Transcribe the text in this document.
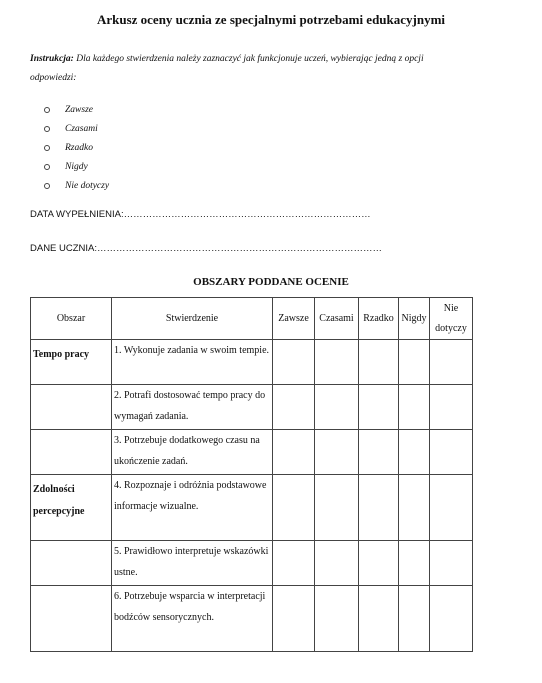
Arkusz oceny ucznia ze specjalnymi potrzebami edukacyjnymi
Instrukcja: Dla każdego stwierdzenia należy zaznaczyć jak funkcjonuje uczeń, wybierając jedną z opcji odpowiedzi:
Zawsze
Czasami
Rzadko
Nigdy
Nie dotyczy
DATA WYPEŁNIENIA:……………………………………………………………………
DANE UCZNIA:………………………………………………………………………………
OBSZARY PODDANE OCENIE
Obszar	Stwierdzenie	Zawsze	Czasami	Rzadko	Nigdy	Nie
dotyczy

Tempo pracy	1. Wykonuje zadania w swoim tempie.					
	2. Potrafi dostosować tempo pracy do wymagań zadania.					
	3. Potrzebuje dodatkowego czasu na ukończenie zadań.					
Zdolności percepcyjne	4. Rozpoznaje i odróżnia podstawowe informacje wizualne.					
	5. Prawidłowo interpretuje wskazówki ustne.					
	6. Potrzebuje wsparcia w interpretacji bodźców sensorycznych.					
